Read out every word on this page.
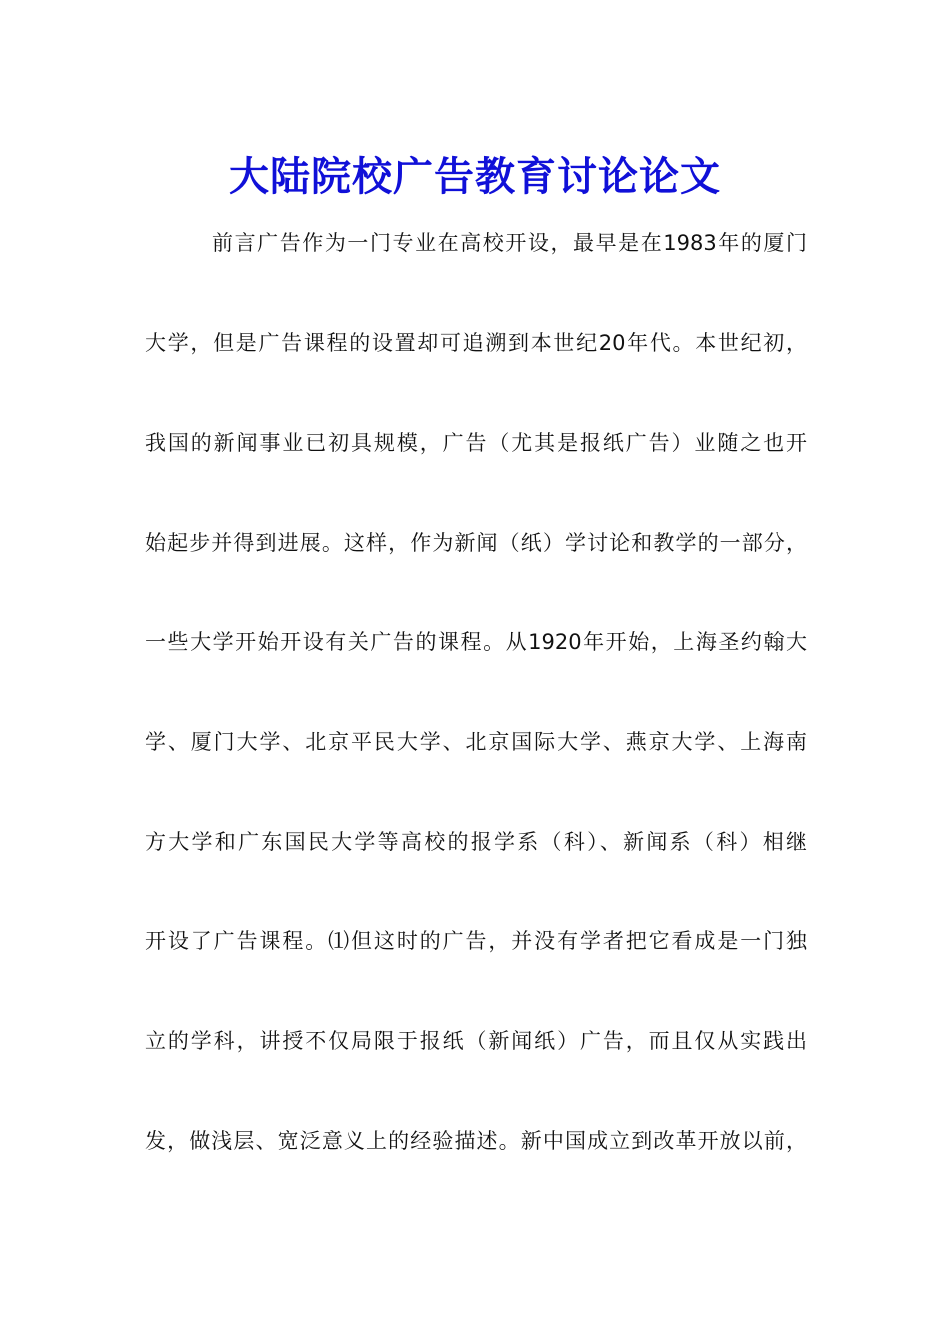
大陆院校广告教育讨论论文
前言广告作为一门专业在高校开设，最早是在1983年的厦门
大学，但是广告课程的设置却可追溯到本世纪20年代。本世纪初，
我国的新闻事业已初具规模，广告（尤其是报纸广告）业随之也开
始起步并得到进展。这样，作为新闻（纸）学讨论和教学的一部分，
一些大学开始开设有关广告的课程。从1920年开始，上海圣约翰大
学、厦门大学、北京平民大学、北京国际大学、燕京大学、上海南
方大学和广东国民大学等高校的报学系（科）、新闻系（科）相继
开设了广告课程。⑴但这时的广告，并没有学者把它看成是一门独
立的学科，讲授不仅局限于报纸（新闻纸）广告，而且仅从实践出
发，做浅层、宽泛意义上的经验描述。新中国成立到改革开放以前，
